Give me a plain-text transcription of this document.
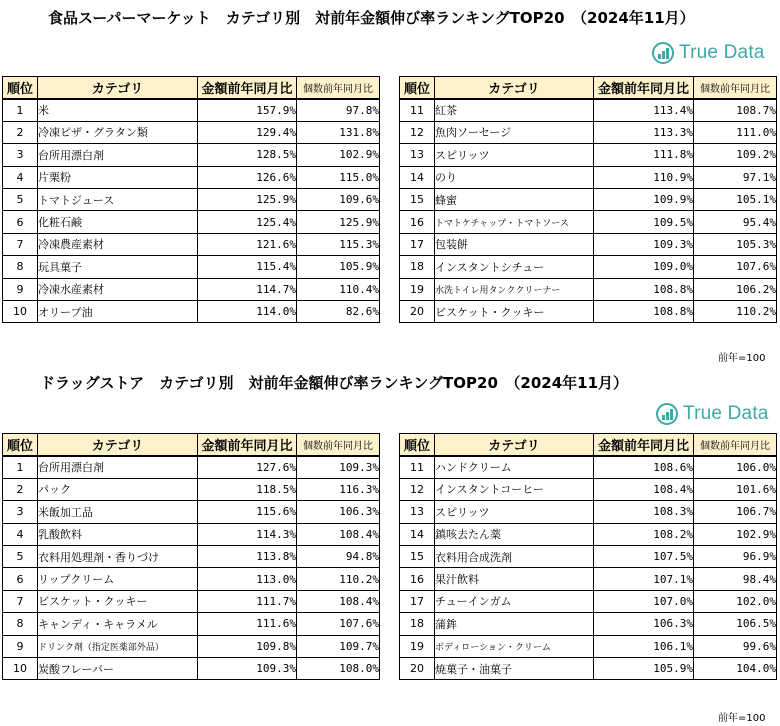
食品スーパーマーケット　カテゴリ別　対前年金額伸び率ランキングTOP20　（2024年11月）
True Data
順位	カテゴリ	金額前年同月比	個数前年同月比
1	米	157.9%	97.8%
2	冷凍ピザ・グラタン類	129.4%	131.8%
3	台所用漂白剤	128.5%	102.9%
4	片栗粉	126.6%	115.0%
5	トマトジュース	125.9%	109.6%
6	化粧石鹸	125.4%	125.9%
7	冷凍農産素材	121.6%	115.3%
8	玩具菓子	115.4%	105.9%
9	冷凍水産素材	114.7%	110.4%
10	オリーブ油	114.0%	82.6%
順位	カテゴリ	金額前年同月比	個数前年同月比
11	紅茶	113.4%	108.7%
12	魚肉ソーセージ	113.3%	111.0%
13	スピリッツ	111.8%	109.2%
14	のり	110.9%	97.1%
15	蜂蜜	109.9%	105.1%
16	トマトケチャップ・トマトソース	109.5%	95.4%
17	包装餅	109.3%	105.3%
18	インスタントシチュー	109.0%	107.6%
19	水洗トイレ用タンククリーナー	108.8%	106.2%
20	ビスケット・クッキー	108.8%	110.2%
前年=100
ドラッグストア　カテゴリ別　対前年金額伸び率ランキングTOP20　（2024年11月）
True Data
順位	カテゴリ	金額前年同月比	個数前年同月比
1	台所用漂白剤	127.6%	109.3%
2	パック	118.5%	116.3%
3	米飯加工品	115.6%	106.3%
4	乳酸飲料	114.3%	108.4%
5	衣料用処理剤・香りづけ	113.8%	94.8%
6	リップクリーム	113.0%	110.2%
7	ビスケット・クッキー	111.7%	108.4%
8	キャンディ・キャラメル	111.6%	107.6%
9	ドリンク剤（指定医薬部外品）	109.8%	109.7%
10	炭酸フレーバー	109.3%	108.0%
順位	カテゴリ	金額前年同月比	個数前年同月比
11	ハンドクリーム	108.6%	106.0%
12	インスタントコーヒー	108.4%	101.6%
13	スピリッツ	108.3%	106.7%
14	鎮咳去たん薬	108.2%	102.9%
15	衣料用合成洗剤	107.5%	96.9%
16	果汁飲料	107.1%	98.4%
17	チューインガム	107.0%	102.0%
18	蒲鉾	106.3%	106.5%
19	ボディローション・クリーム	106.1%	99.6%
20	焼菓子・油菓子	105.9%	104.0%
前年=100
